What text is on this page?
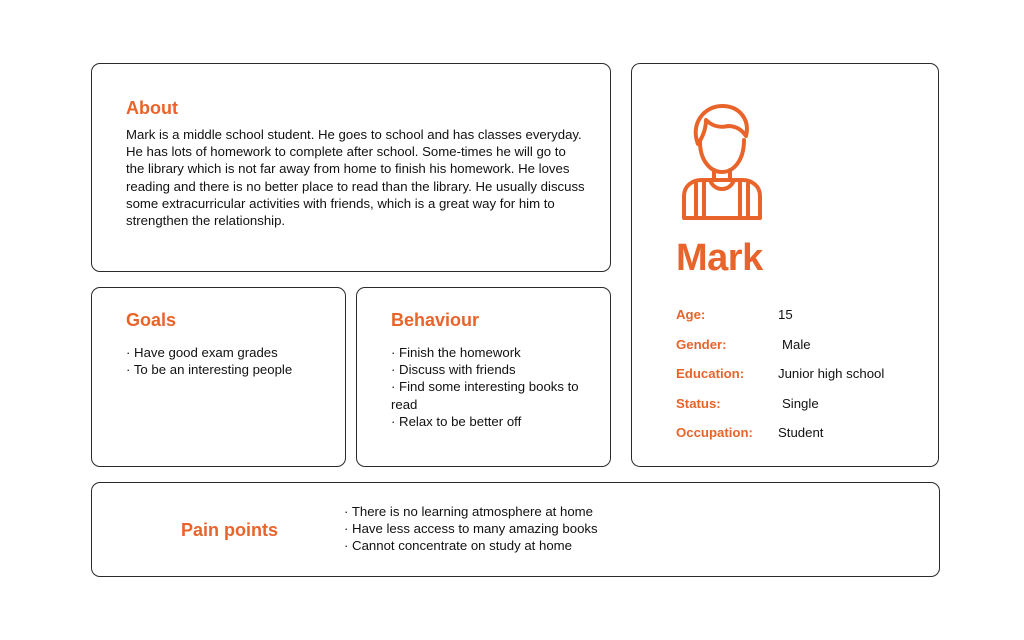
About

Mark is a middle school student. He goes to school and has classes everyday. He has lots of homework to complete after school. Some-times he will go to the library which is not far away from home to finish his homework. He loves reading and there is no better place to read than the library. He usually discuss some extracurricular activities with friends, which is a great way for him to strengthen the relationship.

Goals
· Have good exam grades
· To be an interesting people
Behaviour
· Finish the homework
· Discuss with friends
· Find some interesting books to read
· Relax to be better off
Mark
Age:	15
Gender:	Male
Education:	Junior high school
Status:	Single
Occupation: Student
Pain points
· There is no learning atmosphere at home
· Have less access to many amazing books
· Cannot concentrate on study at home
